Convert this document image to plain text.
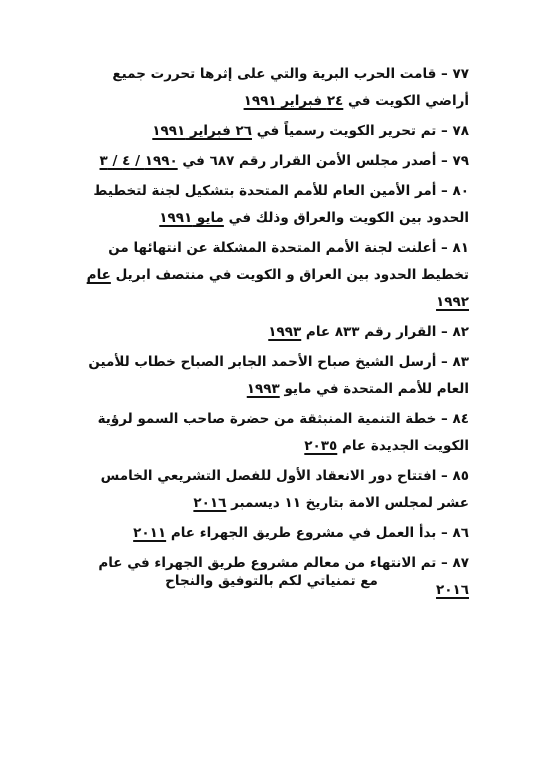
٧٧ – قامت الحرب البرية والتي على إثرها تحررت جميع أراضي الكويت في ٢٤ فبراير ١٩٩١
٧٨ – تم تحرير الكويت رسمياً في ٢٦ فبراير ١٩٩١
٧٩ – أصدر مجلس الأمن القرار رقم ٦٨٧ في ١٩٩٠ / ٤ / ٣
٨٠ – أمر الأمين العام للأمم المتحدة بتشكيل لجنة لتخطيط الحدود بين الكويت والعراق وذلك في مايو ١٩٩١
٨١ – أعلنت لجنة الأمم المتحدة المشكلة عن انتهائها من تخطيط الحدود بين العراق و الكويت في منتصف ابريل عام ١٩٩٢
٨٢ – القرار رقم ٨٣٣ عام ١٩٩٣
٨٣ – أرسل الشيخ صباح الأحمد الجابر الصباح خطاب للأمين العام للأمم المتحدة في مايو ١٩٩٣
٨٤ – خطة التنمية المنبثقة من حضرة صاحب السمو لرؤية الكويت الجديدة عام ٢٠٣٥
٨٥ – افتتاح دور الانعقاد الأول للفصل التشريعي الخامس عشر لمجلس الامة بتاريخ ١١ ديسمبر ٢٠١٦
٨٦ – بدأ العمل في مشروع طريق الجهراء عام ٢٠١١
٨٧ – تم الانتهاء من معالم مشروع طريق الجهراء في عام ٢٠١٦
مع تمنياتي لكم بالتوفيق والنجاح
